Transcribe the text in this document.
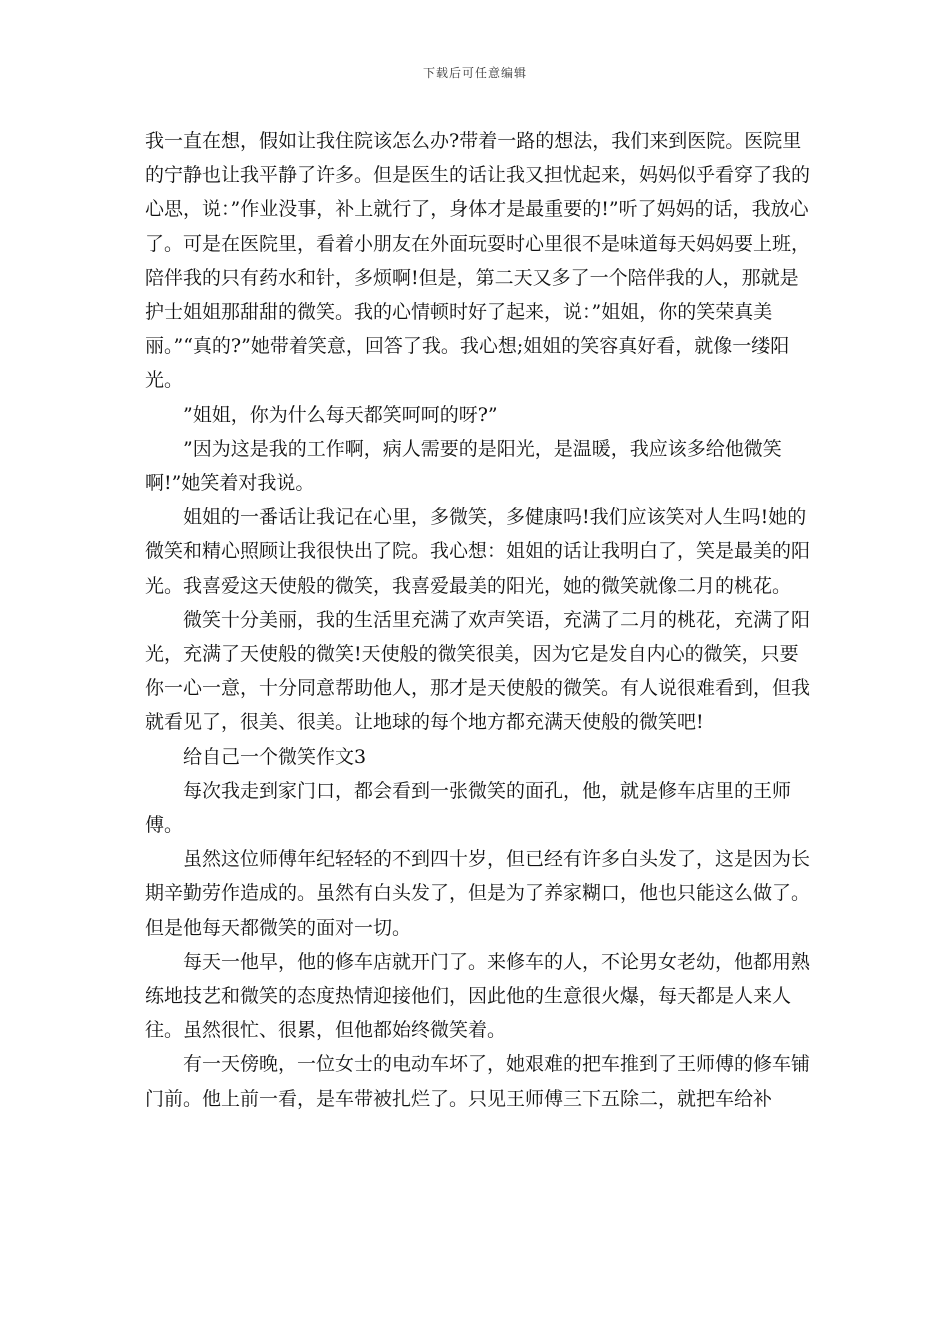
下载后可任意编辑

我一直在想，假如让我住院该怎么办?带着一路的想法，我们来到医院。医院里的宁静也让我平静了许多。但是医生的话让我又担忧起来，妈妈似乎看穿了我的心思，说：”作业没事，补上就行了，身体才是最重要的!”听了妈妈的话，我放心了。可是在医院里，看着小朋友在外面玩耍时心里很不是味道每天妈妈要上班，陪伴我的只有药水和针，多烦啊!但是，第二天又多了一个陪伴我的人，那就是护士姐姐那甜甜的微笑。我的心情顿时好了起来，说：”姐姐，你的笑荣真美丽。”“真的?”她带着笑意，回答了我。我心想;姐姐的笑容真好看，就像一缕阳光。

”姐姐，你为什么每天都笑呵呵的呀?”

”因为这是我的工作啊，病人需要的是阳光，是温暖，我应该多给他微笑啊!”她笑着对我说。

姐姐的一番话让我记在心里，多微笑，多健康吗!我们应该笑对人生吗!她的微笑和精心照顾让我很快出了院。我心想：姐姐的话让我明白了，笑是最美的阳光。我喜爱这天使般的微笑，我喜爱最美的阳光，她的微笑就像二月的桃花。

微笑十分美丽，我的生活里充满了欢声笑语，充满了二月的桃花，充满了阳光，充满了天使般的微笑!天使般的微笑很美，因为它是发自内心的微笑，只要你一心一意，十分同意帮助他人，那才是天使般的微笑。有人说很难看到，但我就看见了，很美、很美。让地球的每个地方都充满天使般的微笑吧!

给自己一个微笑作文3

每次我走到家门口，都会看到一张微笑的面孔，他，就是修车店里的王师傅。

虽然这位师傅年纪轻轻的不到四十岁，但已经有许多白头发了，这是因为长期辛勤劳作造成的。虽然有白头发了，但是为了养家糊口，他也只能这么做了。但是他每天都微笑的面对一切。

每天一他早，他的修车店就开门了。来修车的人，不论男女老幼，他都用熟练地技艺和微笑的态度热情迎接他们，因此他的生意很火爆，每天都是人来人往。虽然很忙、很累，但他都始终微笑着。

有一天傍晚，一位女士的电动车坏了，她艰难的把车推到了王师傅的修车铺门前。他上前一看，是车带被扎烂了。只见王师傅三下五除二，就把车给补
